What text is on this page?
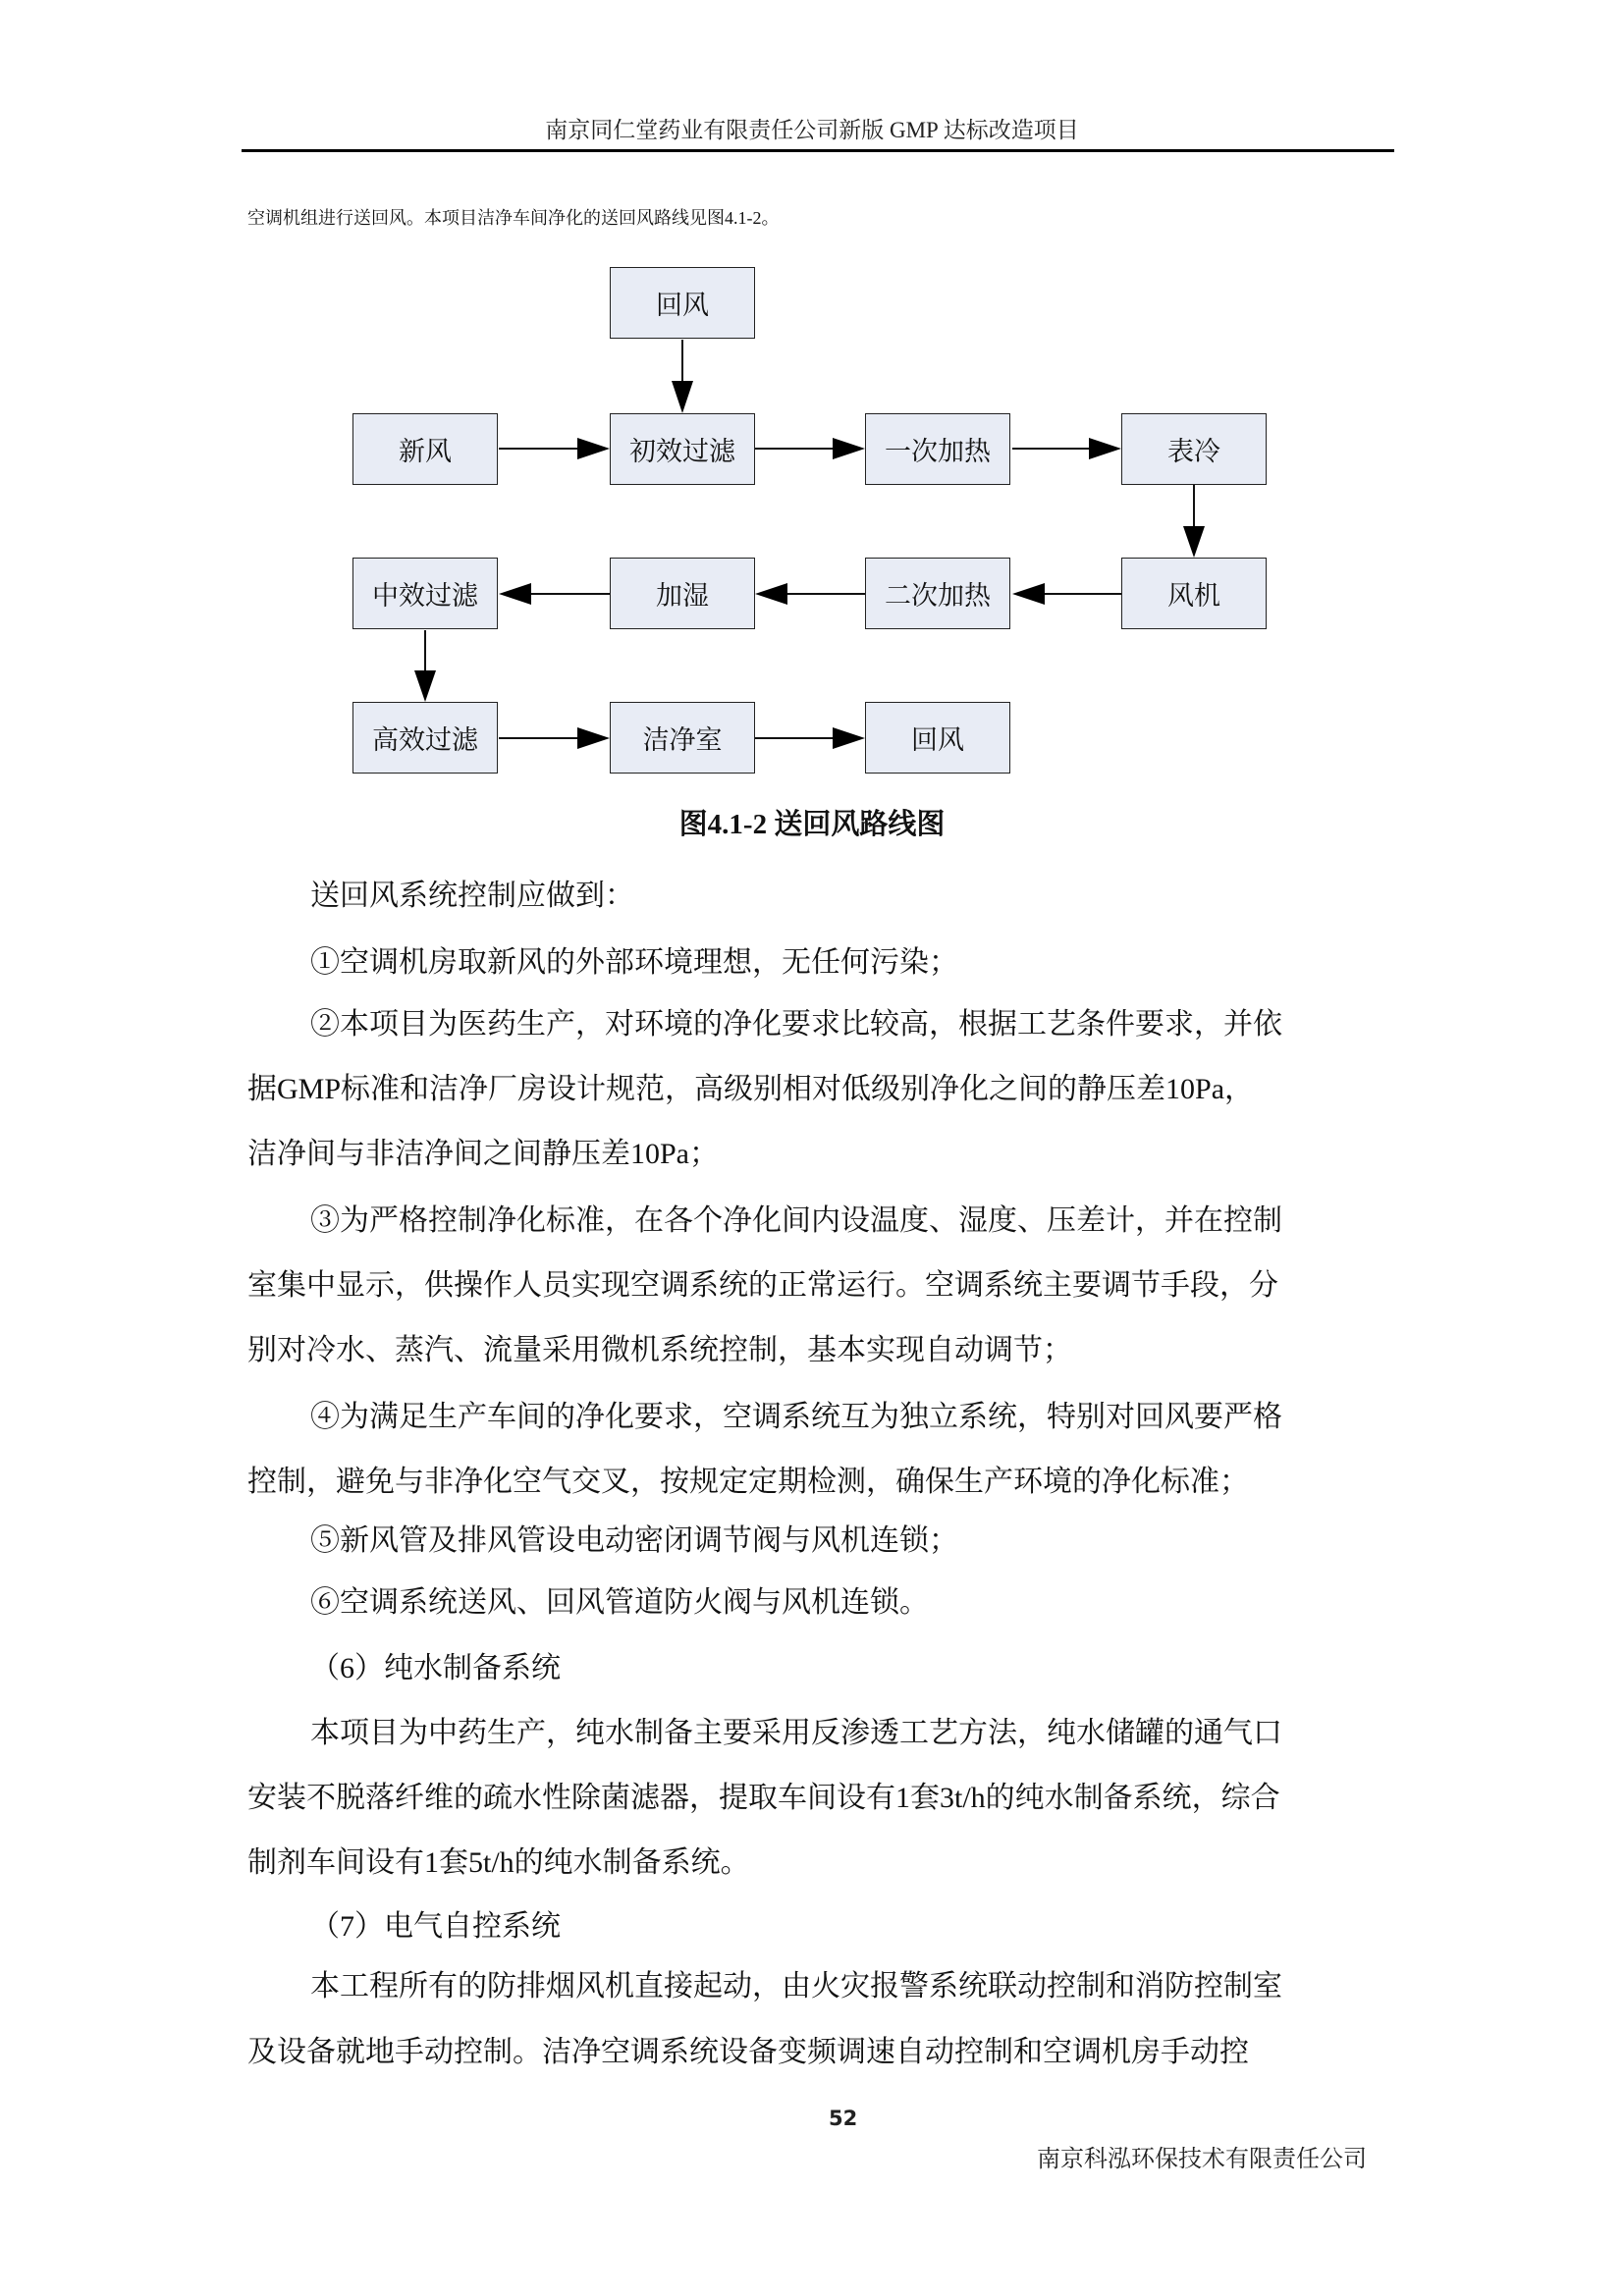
南京同仁堂药业有限责任公司新版 GMP 达标改造项目
空调机组进行送回风。本项目洁净车间净化的送回风路线见图4.1-2。
回风
新风	初效过滤	一次加热	表冷
中效过滤	加湿	二次加热	风机
高效过滤	洁净室	回风
图4.1-2 送回风路线图
送回风系统控制应做到：
①空调机房取新风的外部环境理想，无任何污染；
②本项目为医药生产，对环境的净化要求比较高，根据工艺条件要求，并依
据GMP标准和洁净厂房设计规范，高级别相对低级别净化之间的静压差10Pa，
洁净间与非洁净间之间静压差10Pa；
③为严格控制净化标准，在各个净化间内设温度、湿度、压差计，并在控制
室集中显示，供操作人员实现空调系统的正常运行。空调系统主要调节手段，分
别对冷水、蒸汽、流量采用微机系统控制，基本实现自动调节；
④为满足生产车间的净化要求，空调系统互为独立系统，特别对回风要严格
控制，避免与非净化空气交叉，按规定定期检测，确保生产环境的净化标准；
⑤新风管及排风管设电动密闭调节阀与风机连锁；
⑥空调系统送风、回风管道防火阀与风机连锁。
（6）纯水制备系统
本项目为中药生产，纯水制备主要采用反渗透工艺方法，纯水储罐的通气口
安装不脱落纤维的疏水性除菌滤器，提取车间设有1套3t/h的纯水制备系统，综合
制剂车间设有1套5t/h的纯水制备系统。
（7）电气自控系统
本工程所有的防排烟风机直接起动，由火灾报警系统联动控制和消防控制室
及设备就地手动控制。洁净空调系统设备变频调速自动控制和空调机房手动控
52
南京科泓环保技术有限责任公司
